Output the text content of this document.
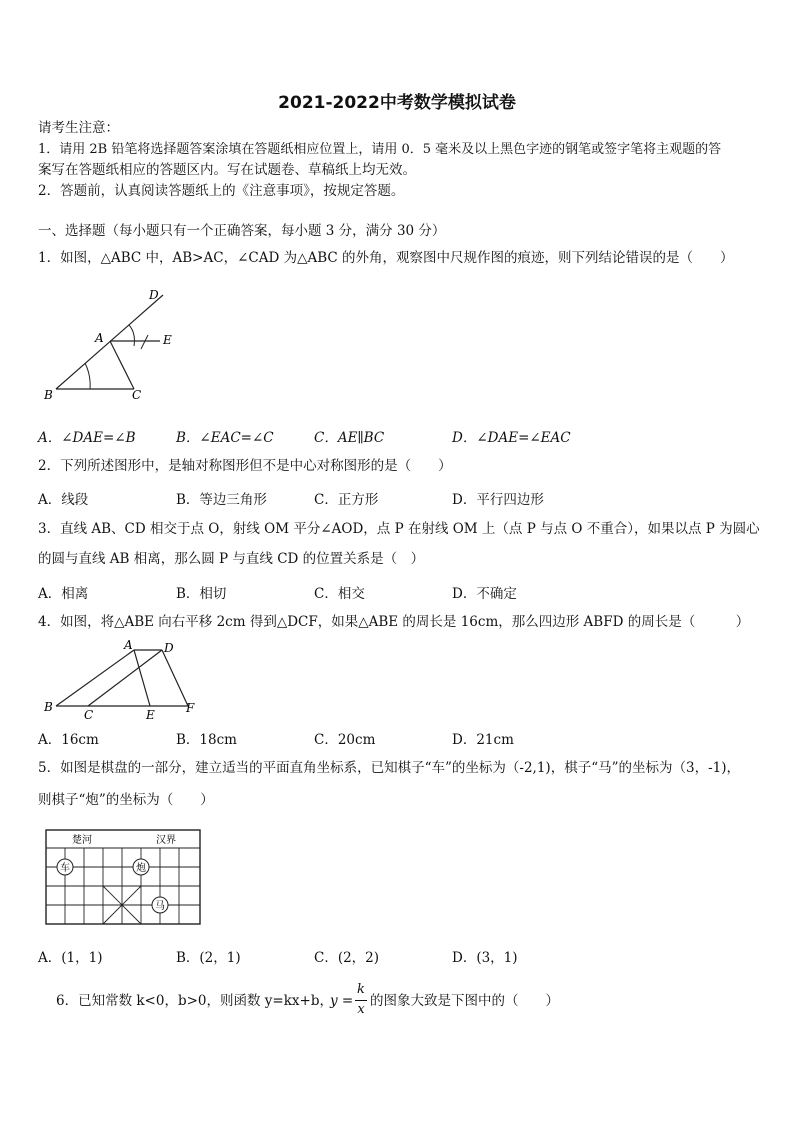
2021-2022中考数学模拟试卷
请考生注意：
1．请用 2B 铅笔将选择题答案涂填在答题纸相应位置上，请用 0．5 毫米及以上黑色字迹的钢笔或签字笔将主观题的答
案写在答题纸相应的答题区内。写在试题卷、草稿纸上均无效。
2．答题前，认真阅读答题纸上的《注意事项》，按规定答题。
一、选择题（每小题只有一个正确答案，每小题 3 分，满分 30 分）
1．如图，△ABC 中，AB>AC，∠CAD 为△ABC 的外角，观察图中尺规作图的痕迹，则下列结论错误的是（　　）
D
A	E
B	C
A．∠DAE=∠B	B．∠EAC=∠C	C．AE∥BC	D．∠DAE=∠EAC
2．下列所述图形中，是轴对称图形但不是中心对称图形的是（　　）
A．线段	B．等边三角形	C．正方形	D．平行四边形
3．直线 AB、CD 相交于点 O，射线 OM 平分∠AOD，点 P 在射线 OM 上（点 P 与点 O 不重合），如果以点 P 为圆心
的圆与直线 AB 相离，那么圆 P 与直线 CD 的位置关系是（　）
A．相离	B．相切	C．相交	D．不确定
4．如图，将△ABE 向右平移 2cm 得到△DCF，如果△ABE 的周长是 16cm，那么四边形 ABFD 的周长是（　　　）
A	D
B
C	E	F
A．16cm	B．18cm	C．20cm	D．21cm
5．如图是棋盘的一部分，建立适当的平面直角坐标系，已知棋子“车”的坐标为（-2,1)，棋子“马”的坐标为（3，-1)，
则棋子“炮”的坐标为（　　）
楚河	汉界
车	炮
马
A．(1，1)	B．(2，1)	C．(2，2)	D．(3，1)
6．已知常数 k<0，b>0，则函数 y=kx+b，
y =
k
x
的图象大致是下图中的（　　）
